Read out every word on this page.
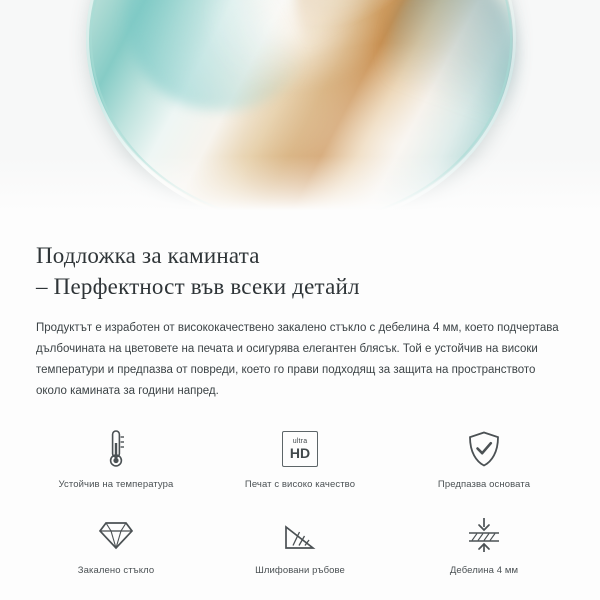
Подложка за камината
– Перфектност във всеки детайл

Продуктът е изработен от висококачествено закалено стъкло с дебелина 4 мм, което подчертава дълбочината на цветовете на печата и осигурява елегантен блясък. Той е устойчив на високи температури и предпазва от повреди, което го прави подходящ за защита на пространството около камината за години напред.

Устойчив на температура
ultra
HD
Печат с високо качество	Предпазва основата
Закалено стъкло	Шлифовани ръбове	Дебелина 4 мм
